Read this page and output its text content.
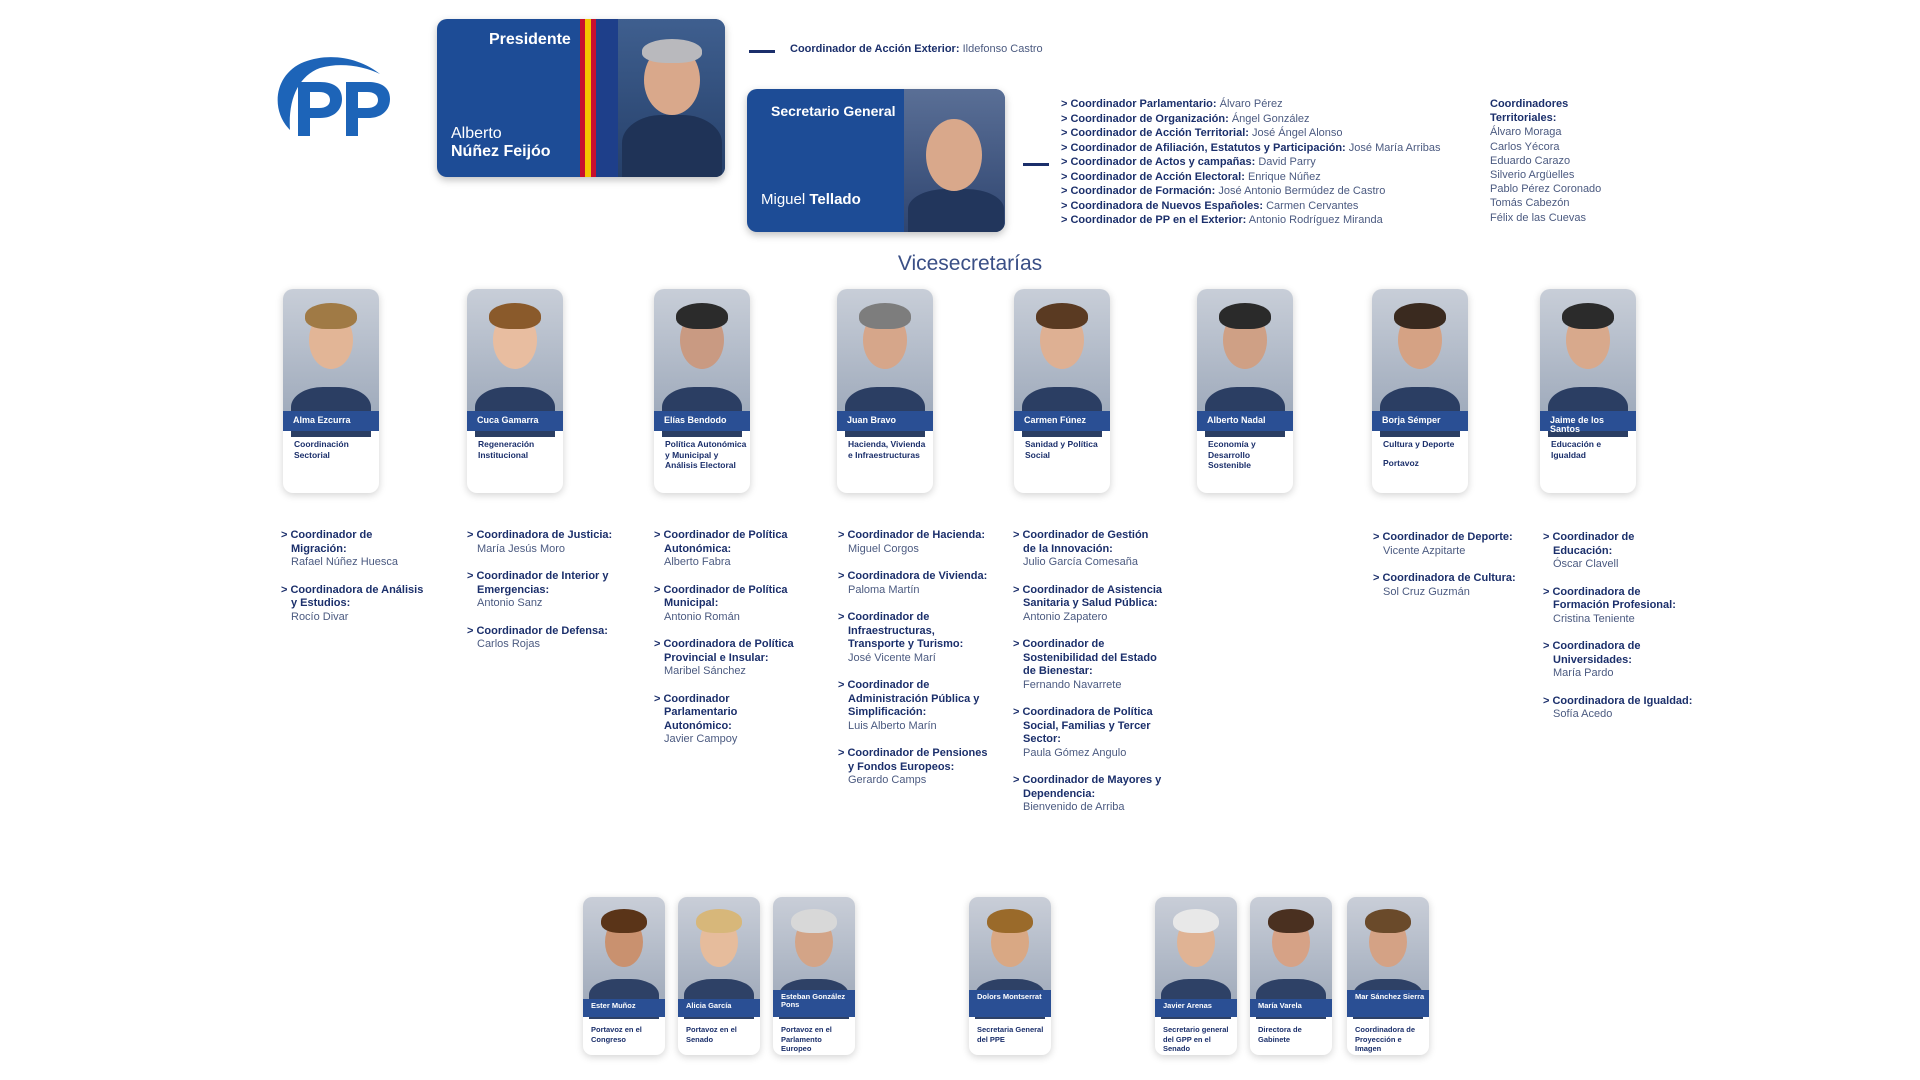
Presidente
Alberto
Núñez Feijóo
Coordinador de Acción Exterior: Ildefonso Castro
Secretario General
Miguel Tellado
> Coordinador Parlamentario: Álvaro Pérez
> Coordinador de Organización: Ángel González
> Coordinador de Acción Territorial: José Ángel Alonso
> Coordinador de Afiliación, Estatutos y Participación: José María Arribas
> Coordinador de Actos y campañas: David Parry
> Coordinador de Acción Electoral: Enrique Núñez
> Coordinador de Formación: José Antonio Bermúdez de Castro
> Coordinadora de Nuevos Españoles: Carmen Cervantes
> Coordinador de PP en el Exterior: Antonio Rodríguez Miranda
Coordinadores
Territoriales:
Álvaro Moraga
Carlos Yécora
Eduardo Carazo
Silverio Argüelles
Pablo Pérez Coronado
Tomás Cabezón
Félix de las Cuevas
Vicesecretarías
Alma Ezcurra
Coordinación Sectorial
> Coordinador de Migración:
Rafael Núñez Huesca
> Coordinadora de Análisis y Estudios:
Rocío Divar
Cuca Gamarra
Regeneración Institucional
> Coordinadora de Justicia:
María Jesús Moro
> Coordinador de Interior y Emergencias:
Antonio Sanz
> Coordinador de Defensa:
Carlos Rojas
Elías Bendodo
Política Autonómica y Municipal y Análisis Electoral
> Coordinador de Política Autonómica:
Alberto Fabra
> Coordinador de Política Municipal:
Antonio Román
> Coordinadora de Política Provincial e Insular:
Maribel Sánchez
> Coordinador Parlamentario Autonómico:
Javier Campoy
Juan Bravo
Hacienda, Vivienda e Infraestructuras
> Coordinador de Hacienda:
Miguel Corgos
> Coordinadora de Vivienda:
Paloma Martín
> Coordinador de Infraestructuras, Transporte y Turismo:
José Vicente Marí
> Coordinador de Administración Pública y Simplificación:
Luis Alberto Marín
> Coordinador de Pensiones y Fondos Europeos:
Gerardo Camps
Carmen Fúnez
Sanidad y Política Social
> Coordinador de Gestión de la Innovación:
Julio García Comesaña
> Coordinador de Asistencia Sanitaria y Salud Pública:
Antonio Zapatero
> Coordinador de Sostenibilidad del Estado de Bienestar:
Fernando Navarrete
> Coordinadora de Política Social, Familias y Tercer Sector:
Paula Gómez Angulo
> Coordinador de Mayores y Dependencia:
Bienvenido de Arriba
Alberto Nadal
Economía y Desarrollo Sostenible
Borja Sémper
Cultura y Deporte
Portavoz
> Coordinador de Deporte:
Vicente Azpitarte
> Coordinadora de Cultura:
Sol Cruz Guzmán
Jaime de los Santos
Educación e Igualdad
> Coordinador de Educación:
Óscar Clavell
> Coordinadora de Formación Profesional:
Cristina Teniente
> Coordinadora de Universidades:
María Pardo
> Coordinadora de Igualdad:
Sofía Acedo
Ester Muñoz
Portavoz en el Congreso
Alicia García
Portavoz en el Senado
Esteban González Pons
Portavoz en el Parlamento Europeo
Dolors Montserrat
Secretaria General del PPE
Javier Arenas
Secretario general del GPP en el Senado
María Varela
Directora de Gabinete
Mar Sánchez Sierra
Coordinadora de Proyección e Imagen
